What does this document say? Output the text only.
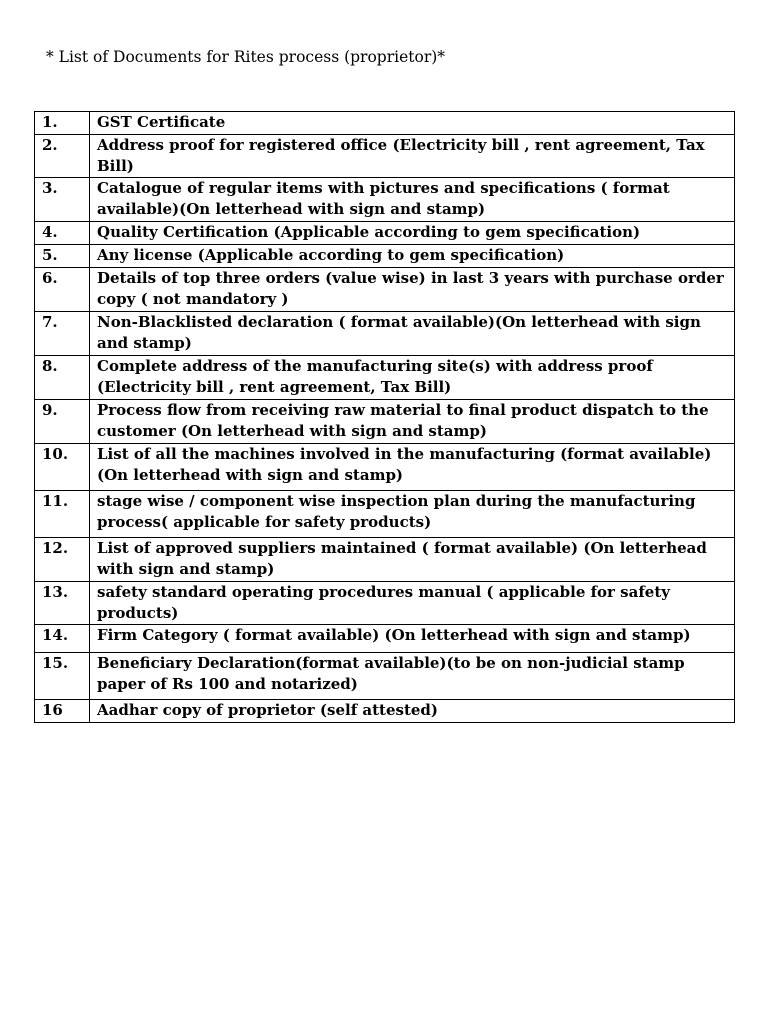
* List of Documents for Rites process (proprietor)*
1.	GST Certificate
2.	Address proof for registered office (Electricity bill , rent agreement, Tax Bill)
3.	Catalogue of regular items with pictures and specifications ( format available)(On letterhead with sign and stamp)
4.	Quality Certification (Applicable according to gem specification)
5.	Any license (Applicable according to gem specification)
6.	Details of top three orders (value wise) in last 3 years with purchase order copy ( not mandatory )
7.	Non-Blacklisted declaration ( format available)(On letterhead with sign and stamp)
8.	Complete address of the manufacturing site(s) with address proof (Electricity bill , rent agreement, Tax Bill)
9.	Process flow from receiving raw material to final product dispatch to the customer (On letterhead with sign and stamp)
10.	List of all the machines involved in the manufacturing (format available) (On letterhead with sign and stamp)
11.	stage wise / component wise inspection plan during the manufacturing process( applicable for safety products)
12.	List of approved suppliers maintained ( format available) (On letterhead with sign and stamp)
13.	safety standard operating procedures manual ( applicable for safety products)
14.	Firm Category ( format available) (On letterhead with sign and stamp)
15.	Beneficiary Declaration(format available)(to be on non-judicial stamp paper of Rs 100 and notarized)
16	Aadhar copy of proprietor (self attested)
